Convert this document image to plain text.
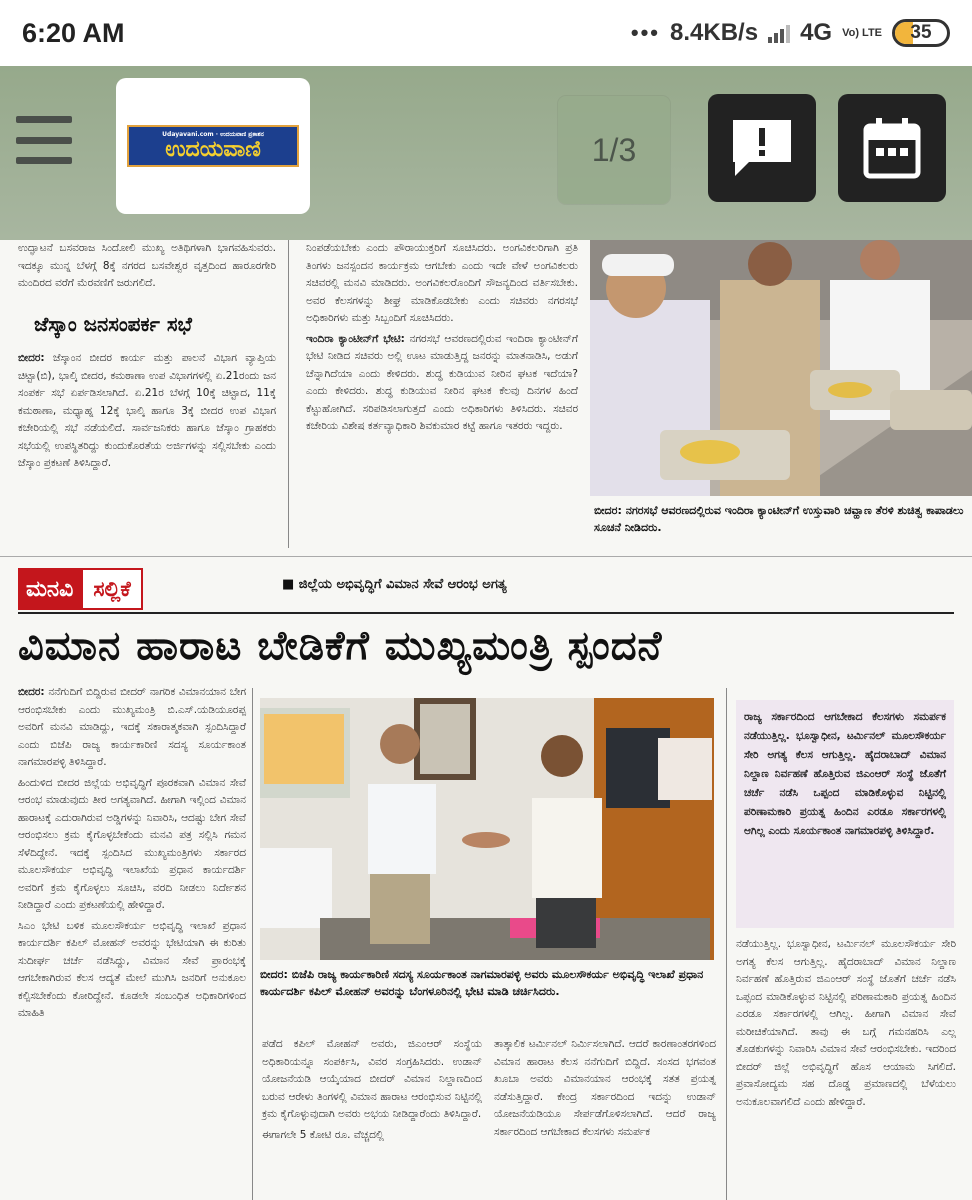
6:20 AM	••• 8.4KB/s 4G Vo) LTE 35
Udayavani.com · ಉದಯವಾಣಿ ಪ್ರಕಾಶನ
ಉದಯವಾಣಿ	1/3

ಉದ್ಘಾಟನೆ ಬಸವರಾಜ ಸಿಂದೋಲಿ ಮುಖ್ಯ ಅತಿಥಿಗಳಾಗಿ ಭಾಗವಹಿಸುವರು. ಇದಕ್ಕೂ ಮುನ್ನ ಬೆಳಗ್ಗೆ 8ಕ್ಕೆ ನಗರದ ಬಸವೇಶ್ವರ ವೃತ್ತದಿಂದ ಹಾರೂರಗೇರಿ ಮಂದಿರದ ವರೆಗೆ ಮೆರವಣಿಗೆ ಜರುಗಲಿದೆ.

ಜೆಸ್ಕಾಂ ಜನಸಂಪರ್ಕ ಸಭೆ

ಬೀದರ: ಜೆಸ್ಕಾಂನ ಬೀದರ ಕಾರ್ಯ ಮತ್ತು ಪಾಲನೆ ವಿಭಾಗ ವ್ಯಾಪ್ತಿಯ ಚಿಟ್ಟಾ(ಬಿ), ಭಾಲ್ಕಿ ಬೀದರ, ಕಮಠಾಣಾ ಉಪ ವಿಭಾಗಗಳಲ್ಲಿ ಏ.21ರಂದು ಜನ ಸಂಪರ್ಕ ಸಭೆ ಏರ್ಪಡಿಸಲಾಗಿದೆ. ಏ.21ರ ಬೆಳಗ್ಗೆ 10ಕ್ಕೆ ಚಿಟ್ಟಾದ, 11ಕ್ಕೆ ಕಮಠಾಣಾ, ಮಧ್ಯಾಹ್ನ 12ಕ್ಕೆ ಭಾಲ್ಕಿ ಹಾಗೂ 3ಕ್ಕೆ ಬೀದರ ಉಪ ವಿಭಾಗ ಕಚೇರಿಯಲ್ಲಿ ಸಭೆ ನಡೆಯಲಿದೆ. ಸಾರ್ವಜನಿಕರು ಹಾಗೂ ಜೆಸ್ಕಾಂ ಗ್ರಾಹಕರು ಸಭೆಯಲ್ಲಿ ಉಪಸ್ಥಿತರಿದ್ದು ಕುಂದುಕೊರತೆಯ ಅರ್ಜಿಗಳನ್ನು ಸಲ್ಲಿಸಬೇಕು ಎಂದು ಜೆಸ್ಕಾಂ ಪ್ರಕಟಣೆ ತಿಳಿಸಿದ್ದಾರೆ.

ನಿಂಪಡೆಯಬೇಕು ಎಂದು ಪೌರಾಯುಕ್ತರಿಗೆ ಸೂಚಿಸಿದರು. ಅಂಗವಿಕಲರಿಗಾಗಿ ಪ್ರತಿ ತಿಂಗಳು ಜನಸ್ಪಂದನ ಕಾರ್ಯಕ್ರಮ ಆಗಬೇಕು ಎಂದು ಇದೇ ವೇಳೆ ಅಂಗವಿಕಲರು ಸಚಿವರಲ್ಲಿ ಮನವಿ ಮಾಡಿದರು. ಅಂಗವಿಕಲರೊಂದಿಗೆ ಸೌಜನ್ಯದಿಂದ ವರ್ತಿಸಬೇಕು. ಅವರ ಕೆಲಸಗಳನ್ನು ಶೀಘ್ರ ಮಾಡಿಕೊಡಬೇಕು ಎಂದು ಸಚಿವರು ನಗರಸಭೆ ಅಧಿಕಾರಿಗಳು ಮತ್ತು ಸಿಬ್ಬಂದಿಗೆ ಸೂಚಿಸಿದರು.

ಇಂದಿರಾ ಕ್ಯಾಂಟೀನ್‌ಗೆ ಭೇಟಿ: ನಗರಸಭೆ ಆವರಣದಲ್ಲಿರುವ ಇಂದಿರಾ ಕ್ಯಾಂಟೀನ್‌ಗೆ ಭೇಟಿ ನೀಡಿದ ಸಚಿವರು ಅಲ್ಲಿ ಊಟ ಮಾಡುತ್ತಿದ್ದ ಜನರನ್ನು ಮಾತನಾಡಿಸಿ, ಅಡುಗೆ ಚೆನ್ನಾಗಿದೆಯಾ ಎಂದು ಕೇಳಿದರು. ಶುದ್ಧ ಕುಡಿಯುವ ನೀರಿನ ಘಟಕ ಇದೆಯಾ? ಎಂದು ಕೇಳಿದರು. ಶುದ್ಧ ಕುಡಿಯುವ ನೀರಿನ ಘಟಕ ಕೆಲವು ದಿನಗಳ ಹಿಂದೆ ಕೆಟ್ಟುಹೋಗಿದೆ. ಸರಿಪಡಿಸಲಾಗುತ್ತದೆ ಎಂದು ಅಧಿಕಾರಿಗಳು ತಿಳಿಸಿದರು. ಸಚಿವರ ಕಚೇರಿಯ ವಿಶೇಷ ಕರ್ತವ್ಯಾಧಿಕಾರಿ ಶಿವಕುಮಾರ ಕಟ್ಟೆ ಹಾಗೂ ಇತರರು ಇದ್ದರು.

ಬೀದರ: ನಗರಸಭೆ ಆವರಣದಲ್ಲಿರುವ ಇಂದಿರಾ ಕ್ಯಾಂಟೀನ್‌ಗೆ ಉಸ್ತುವಾರಿ ಚವ್ಹಾಣ ತೆರಳಿ ಶುಚಿತ್ವ ಕಾಪಾಡಲು ಸೂಚನೆ ನೀಡಿದರು.
ಮನವಿ ಸಲ್ಲಿಕೆ	■ ಜಿಲ್ಲೆಯ ಅಭಿವೃದ್ಧಿಗೆ ವಿಮಾನ ಸೇವೆ ಆರಂಭ ಅಗತ್ಯ
ವಿಮಾನ ಹಾರಾಟ ಬೇಡಿಕೆಗೆ ಮುಖ್ಯಮಂತ್ರಿ ಸ್ಪಂದನೆ

ಬೀದರ: ನನೆಗುದಿಗೆ ಬಿದ್ದಿರುವ ಬೀದರ್ ನಾಗರಿಕ ವಿಮಾನಯಾನ ಬೇಗ ಆರಂಭಿಸಬೇಕು ಎಂದು ಮುಖ್ಯಮಂತ್ರಿ ಬಿ.ಎಸ್.ಯಡಿಯೂರಪ್ಪ ಅವರಿಗೆ ಮನವಿ ಮಾಡಿದ್ದು, ಇದಕ್ಕೆ ಸಕಾರಾತ್ಮಕವಾಗಿ ಸ್ಪಂದಿಸಿದ್ದಾರೆ ಎಂದು ಬಿಜೆಪಿ ರಾಜ್ಯ ಕಾರ್ಯಕಾರಿಣಿ ಸದಸ್ಯ ಸೂರ್ಯಕಾಂತ ನಾಗಮಾರಪಳ್ಳಿ ತಿಳಿಸಿದ್ದಾರೆ.

ಹಿಂದುಳಿದ ಬೀದರ ಜಿಲ್ಲೆಯ ಅಭಿವೃದ್ಧಿಗೆ ಪೂರಕವಾಗಿ ವಿಮಾನ ಸೇವೆ ಆರಂಭ ಮಾಡುವುದು ತೀರ ಅಗತ್ಯವಾಗಿದೆ. ಹೀಗಾಗಿ ಇಲ್ಲಿಂದ ವಿಮಾನ ಹಾರಾಟಕ್ಕೆ ಎದುರಾಗಿರುವ ಅಡ್ಡಿಗಳನ್ನು ನಿವಾರಿಸಿ, ಆದಷ್ಟು ಬೇಗ ಸೇವೆ ಆರಂಭಿಸಲು ಕ್ರಮ ಕೈಗೊಳ್ಳಬೇಕೆಂದು ಮನವಿ ಪತ್ರ ಸಲ್ಲಿಸಿ ಗಮನ ಸೆಳೆದಿದ್ದೇನೆ. ಇದಕ್ಕೆ ಸ್ಪಂದಿಸಿದ ಮುಖ್ಯಮಂತ್ರಿಗಳು ಸರ್ಕಾರದ ಮೂಲಸೌಕರ್ಯ ಅಭಿವೃದ್ಧಿ ಇಲಾಖೆಯ ಪ್ರಧಾನ ಕಾರ್ಯದರ್ಶಿ ಅವರಿಗೆ ಕ್ರಮ ಕೈಗೊಳ್ಳಲು ಸೂಚಿಸಿ, ವರದಿ ನೀಡಲು ನಿರ್ದೇಶನ ನೀಡಿದ್ದಾರೆ ಎಂದು ಪ್ರಕಟಣೆಯಲ್ಲಿ ಹೇಳಿದ್ದಾರೆ.

ಸಿಎಂ ಭೇಟಿ ಬಳಿಕ ಮೂಲಸೌಕರ್ಯ ಅಭಿವೃದ್ಧಿ ಇಲಾಖೆ ಪ್ರಧಾನ ಕಾರ್ಯದರ್ಶಿ ಕಪಿಲ್ ಮೋಹನ್ ಅವರನ್ನು ಭೇಟಿಯಾಗಿ ಈ ಕುರಿತು ಸುದೀರ್ಘ ಚರ್ಚೆ ನಡೆಸಿದ್ದು, ವಿಮಾನ ಸೇವೆ ಪ್ರಾರಂಭಕ್ಕೆ ಆಗಬೇಕಾಗಿರುವ ಕೆಲಸ ಆದ್ಯತೆ ಮೇಲೆ ಮುಗಿಸಿ ಜನರಿಗೆ ಅನುಕೂಲ ಕಲ್ಪಿಸಬೇಕೆಂದು ಕೋರಿದ್ದೇನೆ. ಕೂಡಲೇ ಸಂಬಂಧಿತ ಅಧಿಕಾರಿಗಳಿಂದ ಮಾಹಿತಿ

ಬೀದರ: ಬಿಜೆಪಿ ರಾಜ್ಯ ಕಾರ್ಯಕಾರಿಣಿ ಸದಸ್ಯ ಸೂರ್ಯಕಾಂತ ನಾಗಮಾರಪಳ್ಳಿ ಅವರು ಮೂಲಸೌಕರ್ಯ ಅಭಿವೃದ್ಧಿ ಇಲಾಖೆ ಪ್ರಧಾನ ಕಾರ್ಯದರ್ಶಿ ಕಪಿಲ್ ಮೋಹನ್ ಅವರನ್ನು ಬೆಂಗಳೂರಿನಲ್ಲಿ ಭೇಟಿ ಮಾಡಿ ಚರ್ಚಿಸಿದರು.
ರಾಜ್ಯ ಸರ್ಕಾರದಿಂದ ಆಗಬೇಕಾದ ಕೆಲಸಗಳು ಸಮರ್ಪಕ ನಡೆಯುತ್ತಿಲ್ಲ. ಭೂಸ್ವಾಧೀನ, ಟರ್ಮಿನಲ್ ಮೂಲಸೌಕರ್ಯ ಸೇರಿ ಅಗತ್ಯ ಕೆಲಸ ಆಗುತ್ತಿಲ್ಲ. ಹೈದರಾಬಾದ್ ವಿಮಾನ ನಿಲ್ದಾಣ ನಿರ್ವಹಣೆ ಹೊತ್ತಿರುವ ಜಿಎಂಆರ್ ಸಂಸ್ಥೆ ಜೊತೆಗೆ ಚರ್ಚೆ ನಡೆಸಿ ಒಪ್ಪಂದ ಮಾಡಿಕೊಳ್ಳುವ ನಿಟ್ಟಿನಲ್ಲಿ ಪರಿಣಾಮಕಾರಿ ಪ್ರಯತ್ನ ಹಿಂದಿನ ಎರಡೂ ಸರ್ಕಾರಗಳಲ್ಲಿ ಆಗಿಲ್ಲ ಎಂದು ಸೂರ್ಯಕಾಂತ ನಾಗಮಾರಪಳ್ಳಿ ತಿಳಿಸಿದ್ದಾರೆ.

ಪಡೆದ ಕಪಿಲ್ ಮೋಹನ್ ಅವರು, ಜಿಎಂಆರ್ ಸಂಸ್ಥೆಯ ಅಧಿಕಾರಿಯನ್ನೂ ಸಂಪರ್ಕಿಸಿ, ವಿವರ ಸಂಗ್ರಹಿಸಿದರು. ಉಡಾನ್ ಯೋಜನೆಯಡಿ ಆಯ್ಕೆಯಾದ ಬೀದರ್ ವಿಮಾನ ನಿಲ್ದಾಣದಿಂದ ಬರುವ ಆರೇಳು ತಿಂಗಳಲ್ಲಿ ವಿಮಾನ ಹಾರಾಟ ಆರಂಭಿಸುವ ನಿಟ್ಟಿನಲ್ಲಿ ಕ್ರಮ ಕೈಗೊಳ್ಳುವುದಾಗಿ ಅವರು ಅಭಯ ನೀಡಿದ್ದಾರೆಂದು ತಿಳಿಸಿದ್ದಾರೆ.

ಈಗಾಗಲೇ 5 ಕೋಟಿ ರೂ. ವೆಚ್ಚದಲ್ಲಿ

ತಾತ್ಕಾಲಿಕ ಟರ್ಮಿನಲ್ ನಿರ್ಮಿಸಲಾಗಿದೆ. ಆದರೆ ಕಾರಣಾಂತರಗಳಿಂದ ವಿಮಾನ ಹಾರಾಟ ಕೆಲಸ ನನೆಗುದಿಗೆ ಬಿದ್ದಿದೆ. ಸಂಸದ ಭಗವಂತ ಖೂಬಾ ಅವರು ವಿಮಾನಯಾನ ಆರಂಭಕ್ಕೆ ಸತತ ಪ್ರಯತ್ನ ನಡೆಸುತ್ತಿದ್ದಾರೆ. ಕೇಂದ್ರ ಸರ್ಕಾರದಿಂದ ಇದನ್ನು ಉಡಾನ್ ಯೋಜನೆಯಡಿಯೂ ಸೇರ್ಪಡೆಗೊಳಿಸಲಾಗಿದೆ. ಆದರೆ ರಾಜ್ಯ ಸರ್ಕಾರದಿಂದ ಆಗಬೇಕಾದ ಕೆಲಸಗಳು ಸಮರ್ಪಕ

ನಡೆಯುತ್ತಿಲ್ಲ. ಭೂಸ್ವಾಧೀನ, ಟರ್ಮಿನಲ್ ಮೂಲಸೌಕರ್ಯ ಸೇರಿ ಅಗತ್ಯ ಕೆಲಸ ಆಗುತ್ತಿಲ್ಲ. ಹೈದರಾಬಾದ್ ವಿಮಾನ ನಿಲ್ದಾಣ ನಿರ್ವಹಣೆ ಹೊತ್ತಿರುವ ಜಿಎಂಆರ್ ಸಂಸ್ಥೆ ಜೊತೆಗೆ ಚರ್ಚೆ ನಡೆಸಿ ಒಪ್ಪಂದ ಮಾಡಿಕೊಳ್ಳುವ ನಿಟ್ಟಿನಲ್ಲಿ ಪರಿಣಾಮಕಾರಿ ಪ್ರಯತ್ನ ಹಿಂದಿನ ಎರಡೂ ಸರ್ಕಾರಗಳಲ್ಲಿ ಆಗಿಲ್ಲ. ಹೀಗಾಗಿ ವಿಮಾನ ಸೇವೆ ಮರೀಚಿಕೆಯಾಗಿದೆ. ತಾವು ಈ ಬಗ್ಗೆ ಗಮನಹರಿಸಿ ಎಲ್ಲ ತೊಡಕುಗಳನ್ನು ನಿವಾರಿಸಿ ವಿಮಾನ ಸೇವೆ ಆರಂಭಿಸಬೇಕು. ಇದರಿಂದ ಬೀದರ್ ಜಿಲ್ಲೆ ಅಭಿವೃದ್ಧಿಗೆ ಹೊಸ ಆಯಾಮ ಸಿಗಲಿದೆ. ಪ್ರವಾಸೋದ್ಯಮ ಸಹ ದೊಡ್ಡ ಪ್ರಮಾಣದಲ್ಲಿ ಬೆಳೆಯಲು ಅನುಕೂಲವಾಗಲಿದೆ ಎಂದು ಹೇಳಿದ್ದಾರೆ.
